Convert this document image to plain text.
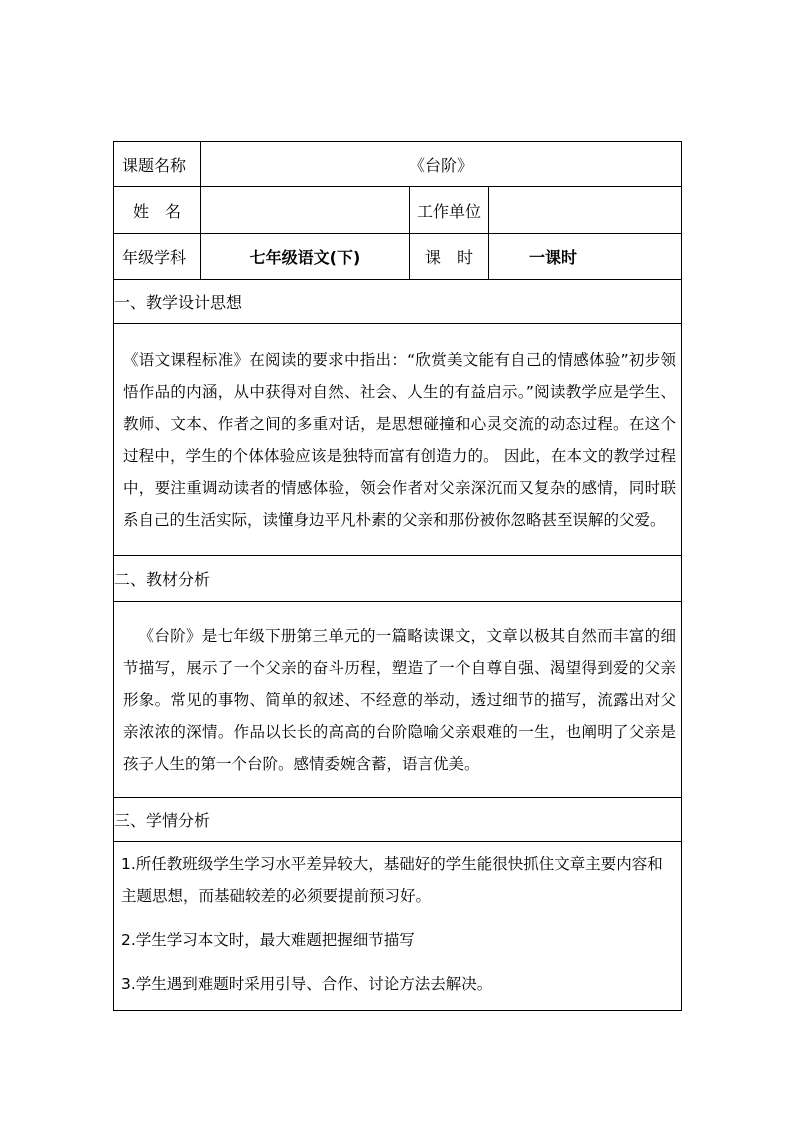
课题名称	《台阶》		
姓　名		工作单位	

年级学科	七年级语文(下)	课　时	一课时

一、教学设计思想			

《语文课程标准》在阅读的要求中指出：“欣赏美文能有自己的情感体验”初步领悟作品的内涵，从中获得对自然、社会、人生的有益启示。”阅读教学应是学生、教师、文本、作者之间的多重对话，是思想碰撞和心灵交流的动态过程。在这个过程中，学生的个体体验应该是独特而富有创造力的。 因此，在本文的教学过程中，要注重调动读者的情感体验，领会作者对父亲深沉而又复杂的感情，同时联系自己的生活实际，读懂身边平凡朴素的父亲和那份被你忽略甚至误解的父爱。			

二、教材分析			

《台阶》是七年级下册第三单元的一篇略读课文，文章以极其自然而丰富的细节描写，展示了一个父亲的奋斗历程，塑造了一个自尊自强、渴望得到爱的父亲形象。常见的事物、简单的叙述、不经意的举动，透过细节的描写，流露出对父亲浓浓的深情。作品以长长的高高的台阶隐喻父亲艰难的一生，也阐明了父亲是孩子人生的第一个台阶。感情委婉含蓄，语言优美。			

三、学情分析			

1.所任教班级学生学习水平差异较大，基础好的学生能很快抓住文章主要内容和主题思想，而基础较差的必须要提前预习好。
2.学生学习本文时，最大难题把握细节描写
3.学生遇到难题时采用引导、合作、讨论方法去解决。			
